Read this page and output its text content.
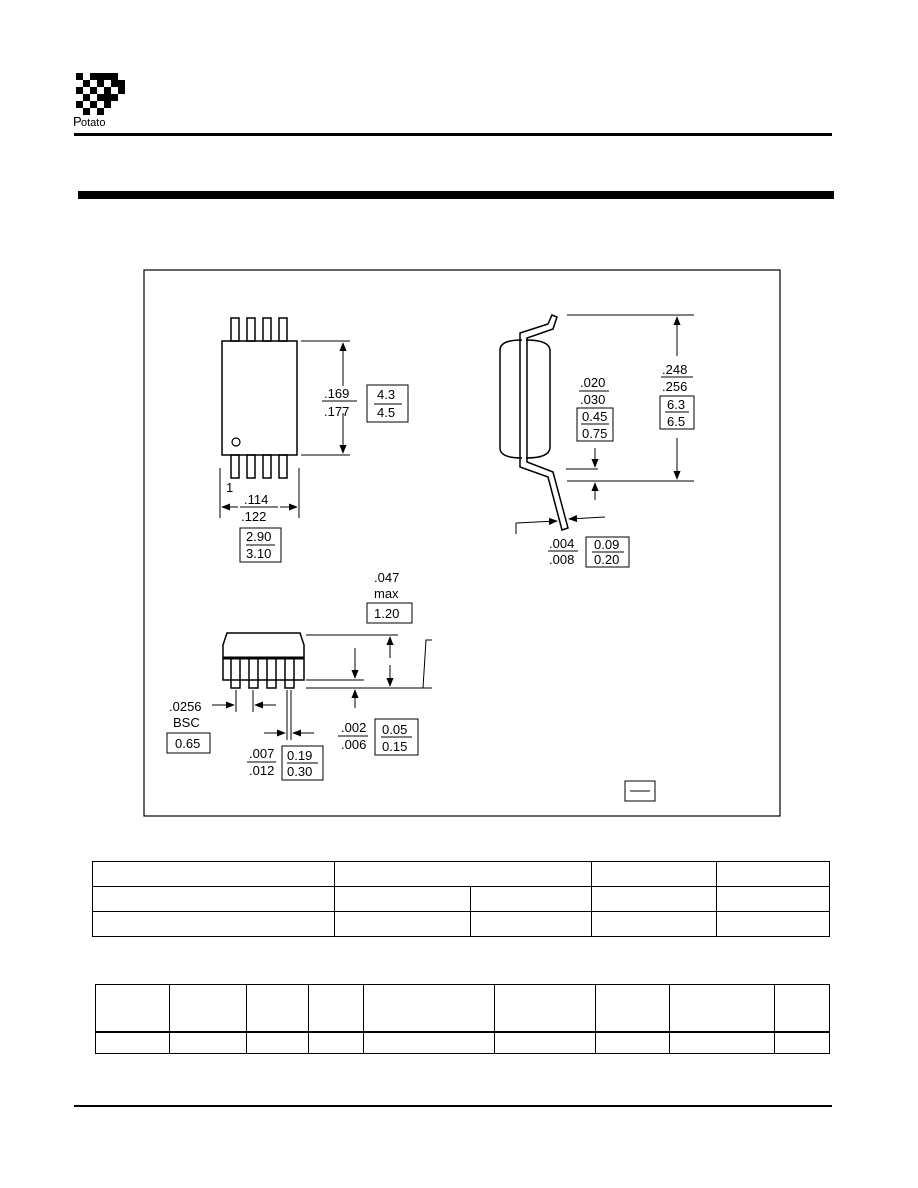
P otato
1
.169
.177
4.3
4.5
.114
.122
2.90
3.10
.020
.030
0.45
0.75
.248
.256
6.3
6.5
.004
.008
0.09
0.20
.047
max
1.20
.0256
BSC
0.65
.002
.006
0.05
0.15
.007
.012
0.19
0.30
